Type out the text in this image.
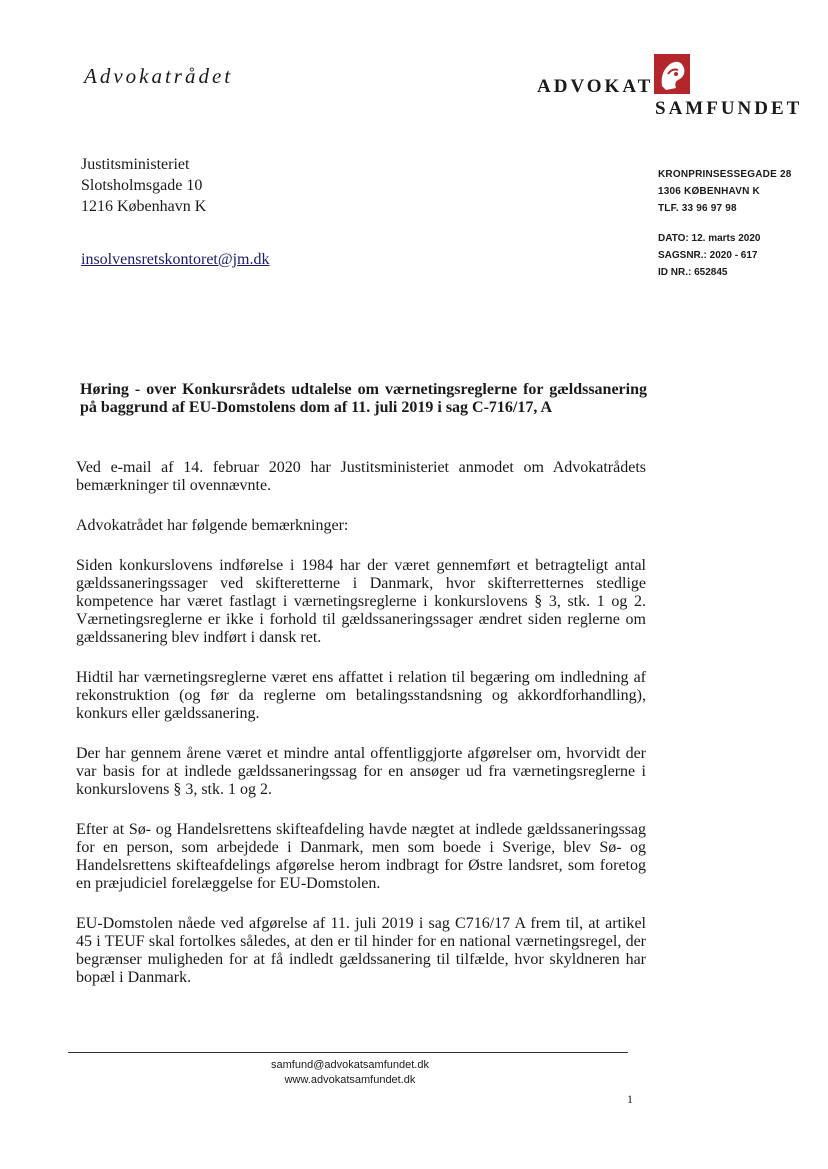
Advokatrådet	ADVOKAT
SAMFUNDET
Justitsministeriet
Slotsholmsgade 10
1216 København K
insolvensretskontoret@jm.dk
KRONPRINSESSEGADE 28
1306 KØBENHAVN K
TLF. 33 96 97 98
DATO: 12. marts 2020
SAGSNR.: 2020 - 617
ID NR.: 652845
Høring - over Konkursrådets udtalelse om værnetingsreglerne for gældssanering på baggrund af EU-Domstolens dom af 11. juli 2019 i sag C-716/17, A

Ved e-mail af 14. februar 2020 har Justitsministeriet anmodet om Advokatrådets bemærkninger til ovennævnte.

Advokatrådet har følgende bemærkninger:

Siden konkurslovens indførelse i 1984 har der været gennemført et betragteligt antal gældssaneringssager ved skifteretterne i Danmark, hvor skifterretternes stedlige kompetence har været fastlagt i værnetingsreglerne i konkurslovens § 3, stk. 1 og 2. Værnetingsreglerne er ikke i forhold til gældssaneringssager ændret siden reglerne om gældssanering blev indført i dansk ret.

Hidtil har værnetingsreglerne været ens affattet i relation til begæring om indledning af rekonstruktion (og før da reglerne om betalingsstandsning og akkordforhandling), konkurs eller gældssanering.

Der har gennem årene været et mindre antal offentliggjorte afgørelser om, hvorvidt der var basis for at indlede gældssaneringssag for en ansøger ud fra værnetingsreglerne i konkurslovens § 3, stk. 1 og 2.

Efter at Sø- og Handelsrettens skifteafdeling havde nægtet at indlede gældssaneringssag for en person, som arbejdede i Danmark, men som boede i Sverige, blev Sø- og Handelsrettens skifteafdelings afgørelse herom indbragt for Østre landsret, som foretog en præjudiciel forelæggelse for EU-Domstolen.

EU-Domstolen nåede ved afgørelse af 11. juli 2019 i sag C716/17 A frem til, at artikel 45 i TEUF skal fortolkes således, at den er til hinder for en national værnetingsregel, der begrænser muligheden for at få indledt gældssanering til tilfælde, hvor skyldneren har bopæl i Danmark.

samfund@advokatsamfundet.dk
www.advokatsamfundet.dk
1
